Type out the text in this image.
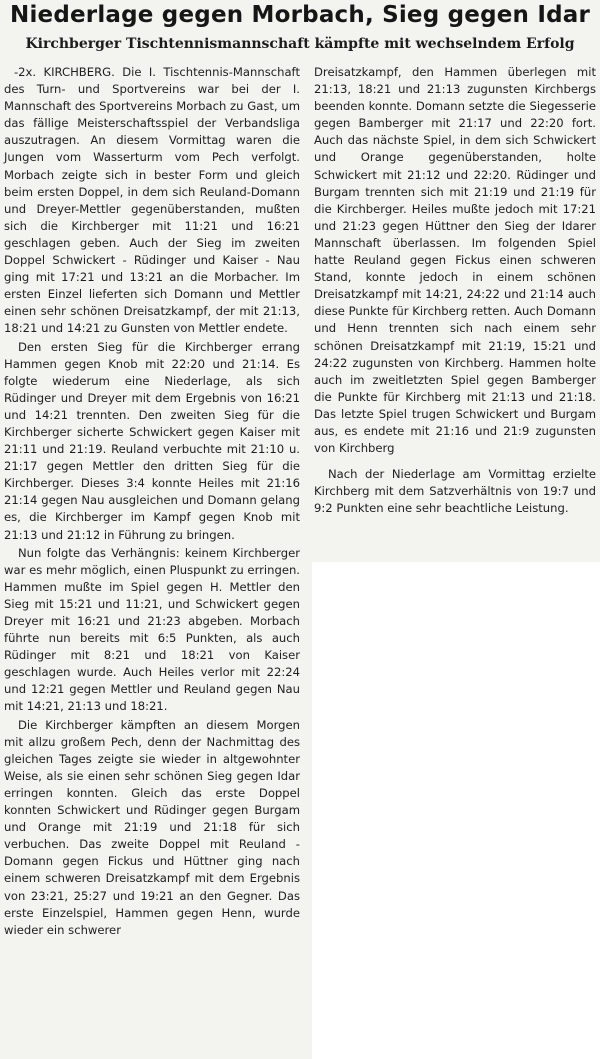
Niederlage gegen Morbach, Sieg gegen Idar
Kirchberger Tischtennismannschaft kämpfte mit wechselndem Erfolg

-2x. KIRCHBERG. Die I. Tischtennis-Mannschaft des Turn- und Sportvereins war bei der I. Mannschaft des Sportvereins Morbach zu Gast, um das fällige Meisterschaftsspiel der Verbandsliga auszutragen. An diesem Vormittag waren die Jungen vom Wasserturm vom Pech verfolgt. Morbach zeigte sich in bester Form und gleich beim ersten Doppel, in dem sich Reuland-Domann und Dreyer-Mettler gegenüberstanden, mußten sich die Kirchberger mit 11:21 und 16:21 geschlagen geben. Auch der Sieg im zweiten Doppel Schwickert - Rüdinger und Kaiser - Nau ging mit 17:21 und 13:21 an die Morbacher. Im ersten Einzel lieferten sich Domann und Mettler einen sehr schönen Dreisatzkampf, der mit 21:13, 18:21 und 14:21 zu Gunsten von Mettler endete.

Den ersten Sieg für die Kirchberger errang Hammen gegen Knob mit 22:20 und 21:14. Es folgte wiederum eine Niederlage, als sich Rüdinger und Dreyer mit dem Ergebnis von 16:21 und 14:21 trennten. Den zweiten Sieg für die Kirchberger sicherte Schwickert gegen Kaiser mit 21:11 und 21:19. Reuland verbuchte mit 21:10 u. 21:17 gegen Mettler den dritten Sieg für die Kirchberger. Dieses 3:4 konnte Heiles mit 21:16 21:14 gegen Nau ausgleichen und Domann gelang es, die Kirchberger im Kampf gegen Knob mit 21:13 und 21:12 in Führung zu bringen.

Nun folgte das Verhängnis: keinem Kirchberger war es mehr möglich, einen Pluspunkt zu erringen. Hammen mußte im Spiel gegen H. Mettler den Sieg mit 15:21 und 11:21, und Schwickert gegen Dreyer mit 16:21 und 21:23 abgeben. Morbach führte nun bereits mit 6:5 Punkten, als auch Rüdinger mit 8:21 und 18:21 von Kaiser geschlagen wurde. Auch Heiles verlor mit 22:24 und 12:21 gegen Mettler und Reuland gegen Nau mit 14:21, 21:13 und 18:21.

Die Kirchberger kämpften an diesem Morgen mit allzu großem Pech, denn der Nachmittag des gleichen Tages zeigte sie wieder in altgewohnter Weise, als sie einen sehr schönen Sieg gegen Idar erringen konnten. Gleich das erste Doppel konnten Schwickert und Rüdinger gegen Burgam und Orange mit 21:19 und 21:18 für sich verbuchen. Das zweite Doppel mit Reuland - Domann gegen Fickus und Hüttner ging nach einem schweren Dreisatzkampf mit dem Ergebnis von 23:21, 25:27 und 19:21 an den Gegner. Das erste Einzelspiel, Hammen gegen Henn, wurde wieder ein schwerer

Dreisatzkampf, den Hammen überlegen mit 21:13, 18:21 und 21:13 zugunsten Kirchbergs beenden konnte. Domann setzte die Siegesserie gegen Bamberger mit 21:17 und 22:20 fort. Auch das nächste Spiel, in dem sich Schwickert und Orange gegenüberstanden, holte Schwickert mit 21:12 und 22:20. Rüdinger und Burgam trennten sich mit 21:19 und 21:19 für die Kirchberger. Heiles mußte jedoch mit 17:21 und 21:23 gegen Hüttner den Sieg der Idarer Mannschaft überlassen. Im folgenden Spiel hatte Reuland gegen Fickus einen schweren Stand, konnte jedoch in einem schönen Dreisatzkampf mit 14:21, 24:22 und 21:14 auch diese Punkte für Kirchberg retten. Auch Domann und Henn trennten sich nach einem sehr schönen Dreisatzkampf mit 21:19, 15:21 und 24:22 zugunsten von Kirchberg. Hammen holte auch im zweitletzten Spiel gegen Bamberger die Punkte für Kirchberg mit 21:13 und 21:18. Das letzte Spiel trugen Schwickert und Burgam aus, es endete mit 21:16 und 21:9 zugunsten von Kirchberg

Nach der Niederlage am Vormittag erzielte Kirchberg mit dem Satzverhältnis von 19:7 und 9:2 Punkten eine sehr beachtliche Leistung.
